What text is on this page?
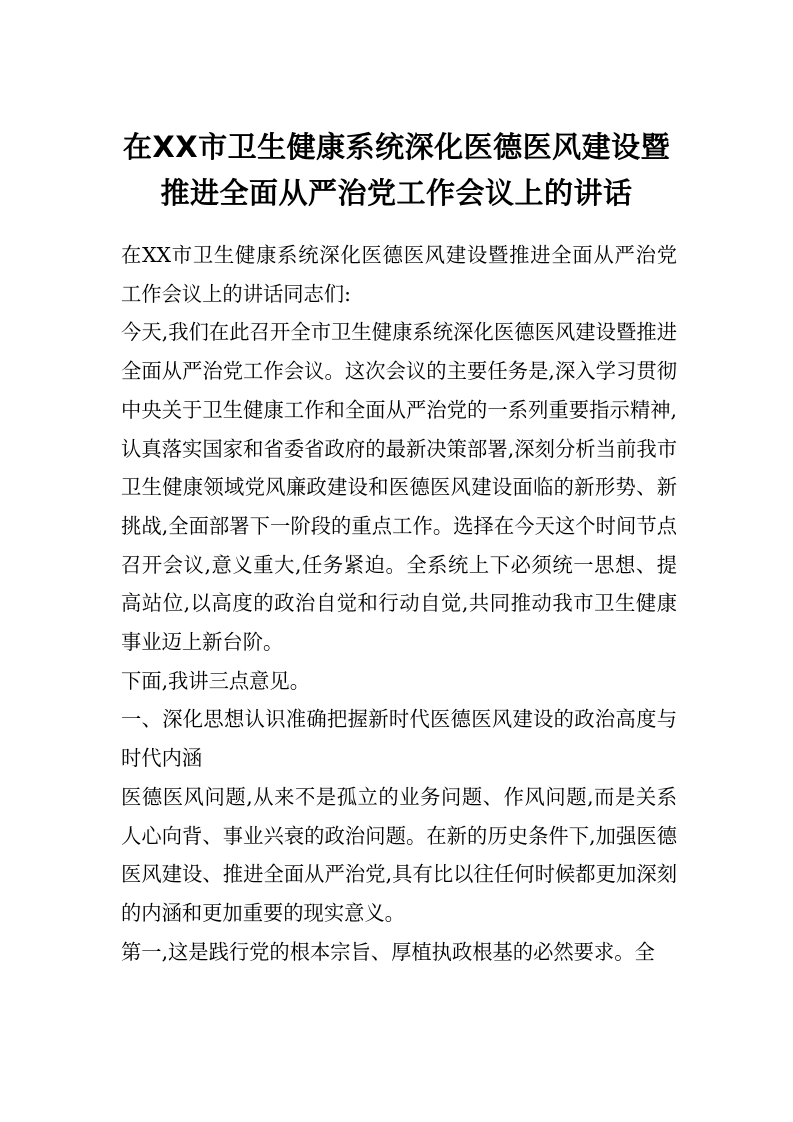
在XX市卫生健康系统深化医德医风建设暨
推进全面从严治党工作会议上的讲话

在XX市卫生健康系统深化医德医风建设暨推进全面从严治党工作会议上的讲话同志们:

今天,我们在此召开全市卫生健康系统深化医德医风建设暨推进全面从严治党工作会议。这次会议的主要任务是,深入学习贯彻中央关于卫生健康工作和全面从严治党的一系列重要指示精神,认真落实国家和省委省政府的最新决策部署,深刻分析当前我市卫生健康领域党风廉政建设和医德医风建设面临的新形势、新挑战,全面部署下一阶段的重点工作。选择在今天这个时间节点召开会议,意义重大,任务紧迫。全系统上下必须统一思想、提高站位,以高度的政治自觉和行动自觉,共同推动我市卫生健康事业迈上新台阶。

下面,我讲三点意见。

一、深化思想认识准确把握新时代医德医风建设的政治高度与时代内涵

医德医风问题,从来不是孤立的业务问题、作风问题,而是关系人心向背、事业兴衰的政治问题。在新的历史条件下,加强医德医风建设、推进全面从严治党,具有比以往任何时候都更加深刻的内涵和更加重要的现实意义。

第一,这是践行党的根本宗旨、厚植执政根基的必然要求。全
